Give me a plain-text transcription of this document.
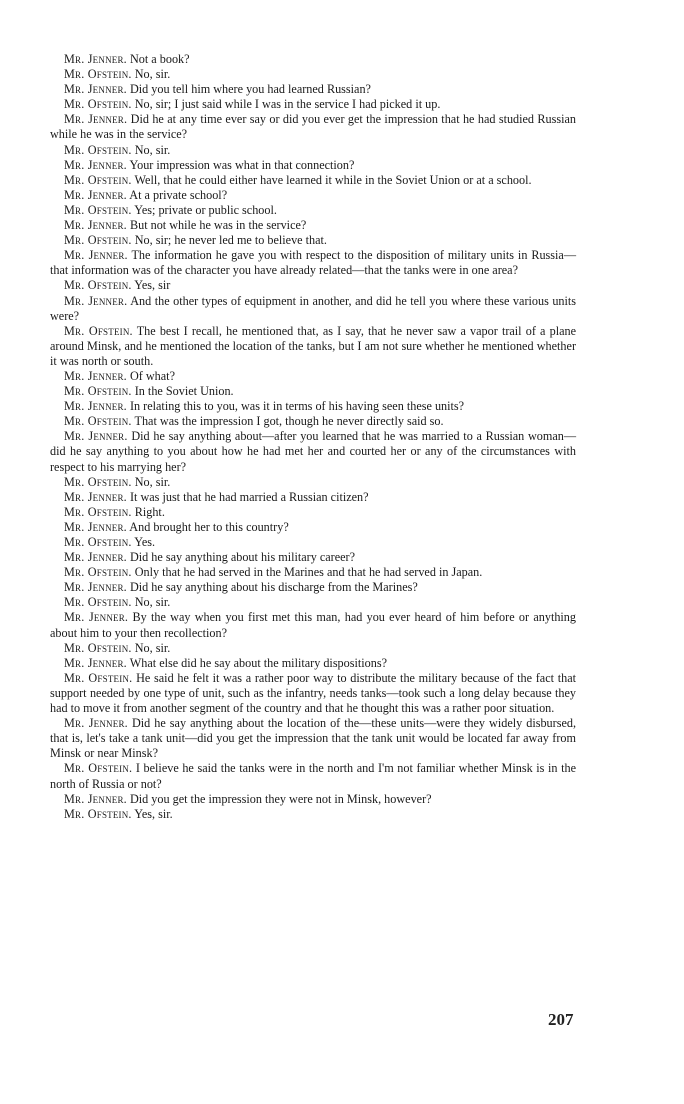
Mr. Jenner. Not a book?

Mr. Ofstein. No, sir.

Mr. Jenner. Did you tell him where you had learned Russian?

Mr. Ofstein. No, sir; I just said while I was in the service I had picked it up.

Mr. Jenner. Did he at any time ever say or did you ever get the impression that he had studied Russian while he was in the service?

Mr. Ofstein. No, sir.

Mr. Jenner. Your impression was what in that connection?

Mr. Ofstein. Well, that he could either have learned it while in the Soviet Union or at a school.

Mr. Jenner. At a private school?

Mr. Ofstein. Yes; private or public school.

Mr. Jenner. But not while he was in the service?

Mr. Ofstein. No, sir; he never led me to believe that.

Mr. Jenner. The information he gave you with respect to the disposition of military units in Russia—that information was of the character you have already related—that the tanks were in one area?

Mr. Ofstein. Yes, sir

Mr. Jenner. And the other types of equipment in another, and did he tell you where these various units were?

Mr. Ofstein. The best I recall, he mentioned that, as I say, that he never saw a vapor trail of a plane around Minsk, and he mentioned the location of the tanks, but I am not sure whether he mentioned whether it was north or south.

Mr. Jenner. Of what?

Mr. Ofstein. In the Soviet Union.

Mr. Jenner. In relating this to you, was it in terms of his having seen these units?

Mr. Ofstein. That was the impression I got, though he never directly said so.

Mr. Jenner. Did he say anything about—after you learned that he was married to a Russian woman—did he say anything to you about how he had met her and courted her or any of the circumstances with respect to his marrying her?

Mr. Ofstein. No, sir.

Mr. Jenner. It was just that he had married a Russian citizen?

Mr. Ofstein. Right.

Mr. Jenner. And brought her to this country?

Mr. Ofstein. Yes.

Mr. Jenner. Did he say anything about his military career?

Mr. Ofstein. Only that he had served in the Marines and that he had served in Japan.

Mr. Jenner. Did he say anything about his discharge from the Marines?

Mr. Ofstein. No, sir.

Mr. Jenner. By the way when you first met this man, had you ever heard of him before or anything about him to your then recollection?

Mr. Ofstein. No, sir.

Mr. Jenner. What else did he say about the military dispositions?

Mr. Ofstein. He said he felt it was a rather poor way to distribute the military because of the fact that support needed by one type of unit, such as the infantry, needs tanks—took such a long delay because they had to move it from another segment of the country and that he thought this was a rather poor situation.

Mr. Jenner. Did he say anything about the location of the—these units—were they widely disbursed, that is, let's take a tank unit—did you get the impression that the tank unit would be located far away from Minsk or near Minsk?

Mr. Ofstein. I believe he said the tanks were in the north and I'm not familiar whether Minsk is in the north of Russia or not?

Mr. Jenner. Did you get the impression they were not in Minsk, however?

Mr. Ofstein. Yes, sir.

207
